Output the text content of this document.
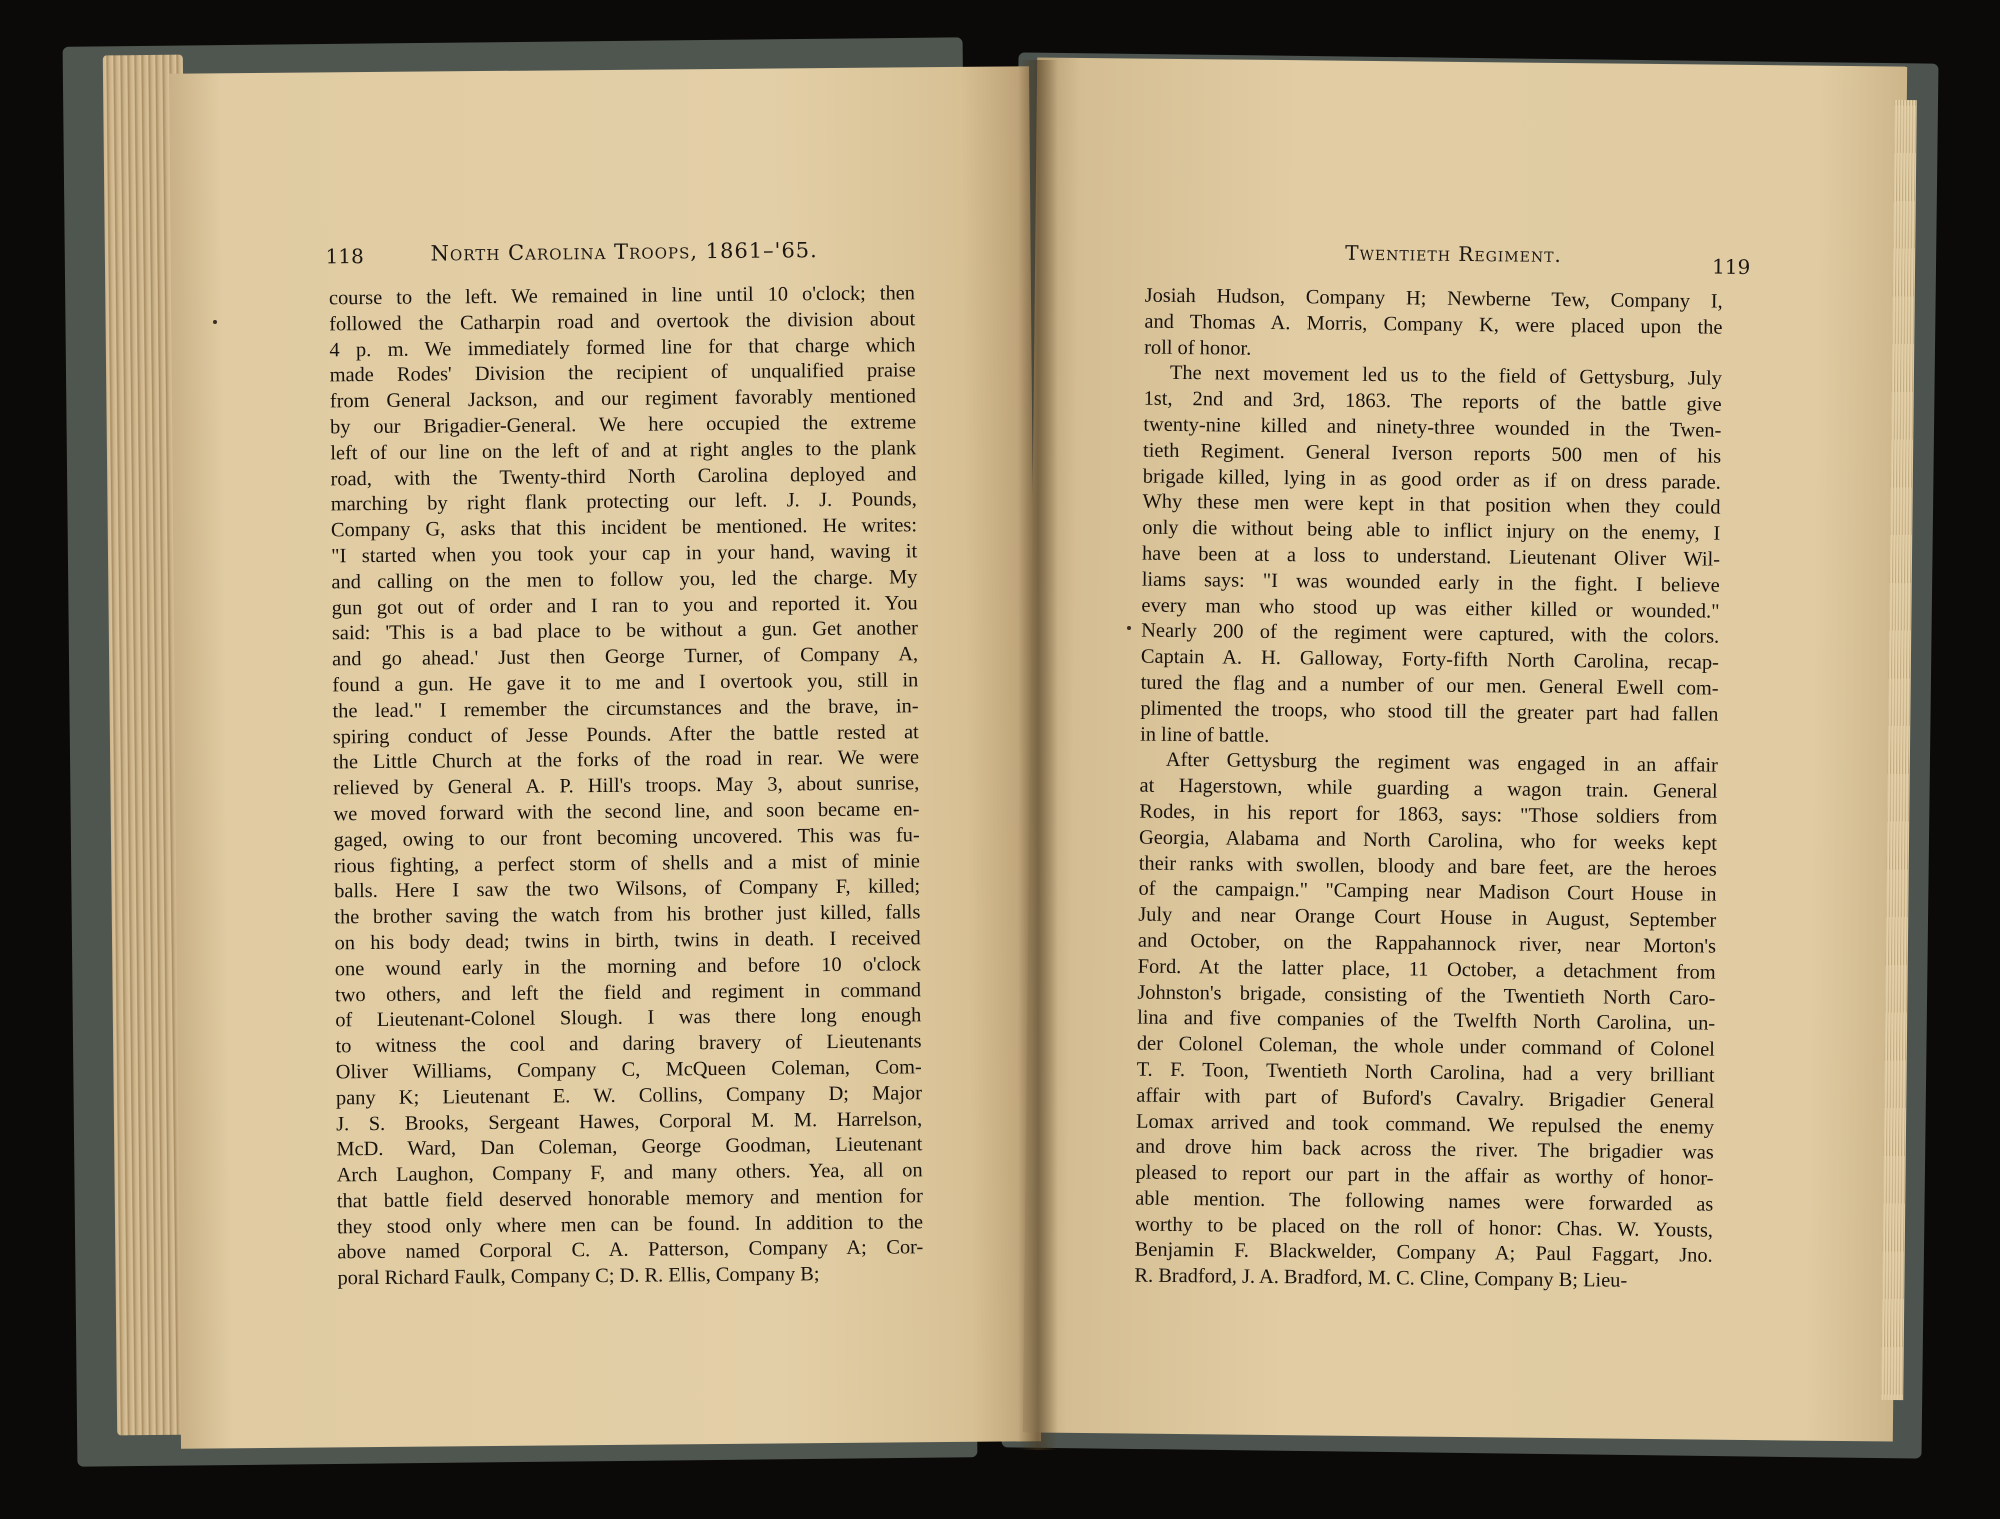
118	North Carolina Troops, 1861–'65.
course to the left. We remained in line until 10 o'clock; then
followed the Catharpin road and overtook the division about
4 p. m. We immediately formed line for that charge which
made Rodes' Division the recipient of unqualified praise
from General Jackson, and our regiment favorably mentioned
by our Brigadier-General. We here occupied the extreme
left of our line on the left of and at right angles to the plank
road, with the Twenty-third North Carolina deployed and
marching by right flank protecting our left. J. J. Pounds,
Company G, asks that this incident be mentioned. He writes:
"I started when you took your cap in your hand, waving it
and calling on the men to follow you, led the charge. My
gun got out of order and I ran to you and reported it. You
said: 'This is a bad place to be without a gun. Get another
and go ahead.' Just then George Turner, of Company A,
found a gun. He gave it to me and I overtook you, still in
the lead." I remember the circumstances and the brave, in-
spiring conduct of Jesse Pounds. After the battle rested at
the Little Church at the forks of the road in rear. We were
relieved by General A. P. Hill's troops. May 3, about sunrise,
we moved forward with the second line, and soon became en-
gaged, owing to our front becoming uncovered. This was fu-
rious fighting, a perfect storm of shells and a mist of minie
balls. Here I saw the two Wilsons, of Company F, killed;
the brother saving the watch from his brother just killed, falls
on his body dead; twins in birth, twins in death. I received
one wound early in the morning and before 10 o'clock
two others, and left the field and regiment in command
of Lieutenant-Colonel Slough. I was there long enough
to witness the cool and daring bravery of Lieutenants
Oliver Williams, Company C, McQueen Coleman, Com-
pany K; Lieutenant E. W. Collins, Company D; Major
J. S. Brooks, Sergeant Hawes, Corporal M. M. Harrelson,
McD. Ward, Dan Coleman, George Goodman, Lieutenant
Arch Laughon, Company F, and many others. Yea, all on
that battle field deserved honorable memory and mention for
they stood only where men can be found. In addition to the
above named Corporal C. A. Patterson, Company A; Cor-
poral Richard Faulk, Company C; D. R. Ellis, Company B;
Twentieth Regiment.	119
Josiah Hudson, Company H; Newberne Tew, Company I,
and Thomas A. Morris, Company K, were placed upon the
roll of honor.
The next movement led us to the field of Gettysburg, July
1st, 2nd and 3rd, 1863. The reports of the battle give
twenty-nine killed and ninety-three wounded in the Twen-
tieth Regiment. General Iverson reports 500 men of his
brigade killed, lying in as good order as if on dress parade.
Why these men were kept in that position when they could
only die without being able to inflict injury on the enemy, I
have been at a loss to understand. Lieutenant Oliver Wil-
liams says: "I was wounded early in the fight. I believe
every man who stood up was either killed or wounded."
Nearly 200 of the regiment were captured, with the colors.
Captain A. H. Galloway, Forty-fifth North Carolina, recap-
tured the flag and a number of our men. General Ewell com-
plimented the troops, who stood till the greater part had fallen
in line of battle.
After Gettysburg the regiment was engaged in an affair
at Hagerstown, while guarding a wagon train. General
Rodes, in his report for 1863, says: "Those soldiers from
Georgia, Alabama and North Carolina, who for weeks kept
their ranks with swollen, bloody and bare feet, are the heroes
of the campaign." "Camping near Madison Court House in
July and near Orange Court House in August, September
and October, on the Rappahannock river, near Morton's
Ford. At the latter place, 11 October, a detachment from
Johnston's brigade, consisting of the Twentieth North Caro-
lina and five companies of the Twelfth North Carolina, un-
der Colonel Coleman, the whole under command of Colonel
T. F. Toon, Twentieth North Carolina, had a very brilliant
affair with part of Buford's Cavalry. Brigadier General
Lomax arrived and took command. We repulsed the enemy
and drove him back across the river. The brigadier was
pleased to report our part in the affair as worthy of honor-
able mention. The following names were forwarded as
worthy to be placed on the roll of honor: Chas. W. Yousts,
Benjamin F. Blackwelder, Company A; Paul Faggart, Jno.
R. Bradford, J. A. Bradford, M. C. Cline, Company B; Lieu-
